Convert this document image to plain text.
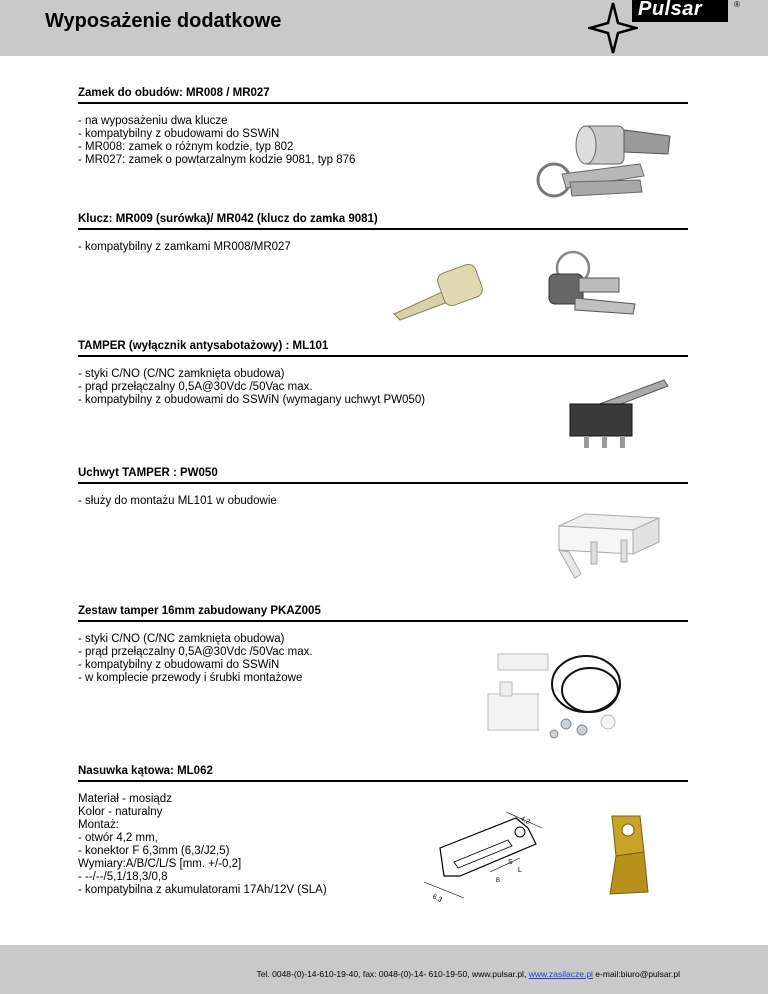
Wyposażenie dodatkowe
Pulsar	®
Zamek do obudów: MR008 / MR027
- na wyposażeniu dwa klucze
- kompatybilny z obudowami do SSWiN
- MR008: zamek o różnym kodzie, typ 802
- MR027: zamek o powtarzalnym kodzie 9081, typ 876
Klucz: MR009 (surówka)/ MR042 (klucz do zamka 9081)
- kompatybilny z zamkami MR008/MR027
TAMPER (wyłącznik antysabotażowy) : ML101
- styki C/NO (C/NC zamknięta obudowa)
- prąd przełączalny 0,5A@30Vdc /50Vac max.
- kompatybilny z obudowami do SSWiN (wymagany uchwyt PW050)
Uchwyt TAMPER : PW050
- służy do montażu ML101 w obudowie
Zestaw tamper 16mm zabudowany PKAZ005
- styki C/NO (C/NC zamknięta obudowa)
- prąd przełączalny 0,5A@30Vdc /50Vac max.
- kompatybilny z obudowami do SSWiN
- w komplecie przewody i śrubki montażowe
Nasuwka kątowa: ML062
Materiał - mosiądz
Kolor - naturalny
Montaż:
- otwór 4,2 mm,
- konektor F 6,3mm (6,3/J2,5)
Wymiary:A/B/C/L/S [mm. +/-0,2]
- --/--/5,1/18,3/0,8
- kompatybilna z akumulatorami 17Ah/12V (SLA)
4,2
6,3
S
L
B
Tel. 0048-(0)-14-610-19-40, fax: 0048-(0)-14- 610-19-50, www.pulsar.pl, www.zasilacze.pl e-mail:biuro@pulsar.pl
